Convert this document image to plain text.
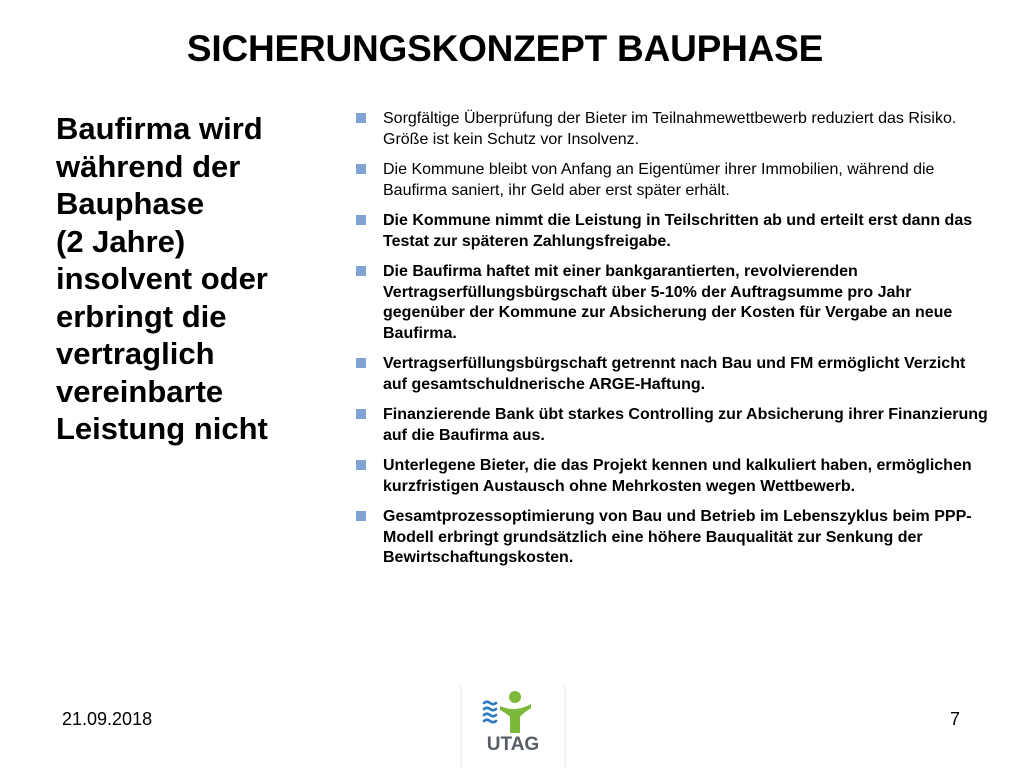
SICHERUNGSKONZEPT BAUPHASE
Baufirma wird
während der
Bauphase
(2 Jahre)
insolvent oder
erbringt die
vertraglich
vereinbarte
Leistung nicht
Sorgfältige Überprüfung der Bieter im Teilnahmewettbewerb reduziert das Risiko. Größe ist kein Schutz vor Insolvenz.
Die Kommune bleibt von Anfang an Eigentümer ihrer Immobilien, während die Baufirma saniert, ihr Geld aber erst später erhält.
Die Kommune nimmt die Leistung in Teilschritten ab und erteilt erst dann das Testat zur späteren Zahlungsfreigabe.
Die Baufirma haftet mit einer bankgarantierten, revolvierenden Vertragserfüllungsbürgschaft über 5-10% der Auftragsumme pro Jahr gegenüber der Kommune zur Absicherung der Kosten für Vergabe an neue Baufirma.
Vertragserfüllungsbürgschaft getrennt nach Bau und FM ermöglicht Verzicht auf gesamtschuldnerische ARGE-Haftung.
Finanzierende Bank übt starkes Controlling zur Absicherung ihrer Finanzierung auf die Baufirma aus.
Unterlegene Bieter, die das Projekt kennen und kalkuliert haben, ermöglichen kurzfristigen Austausch ohne Mehrkosten wegen Wettbewerb.
Gesamtprozessoptimierung von Bau und Betrieb im Lebenszyklus beim PPP-Modell erbringt grundsätzlich eine höhere Bauqualität zur Senkung der Bewirtschaftungskosten.
21.09.2018	7
UTAG
